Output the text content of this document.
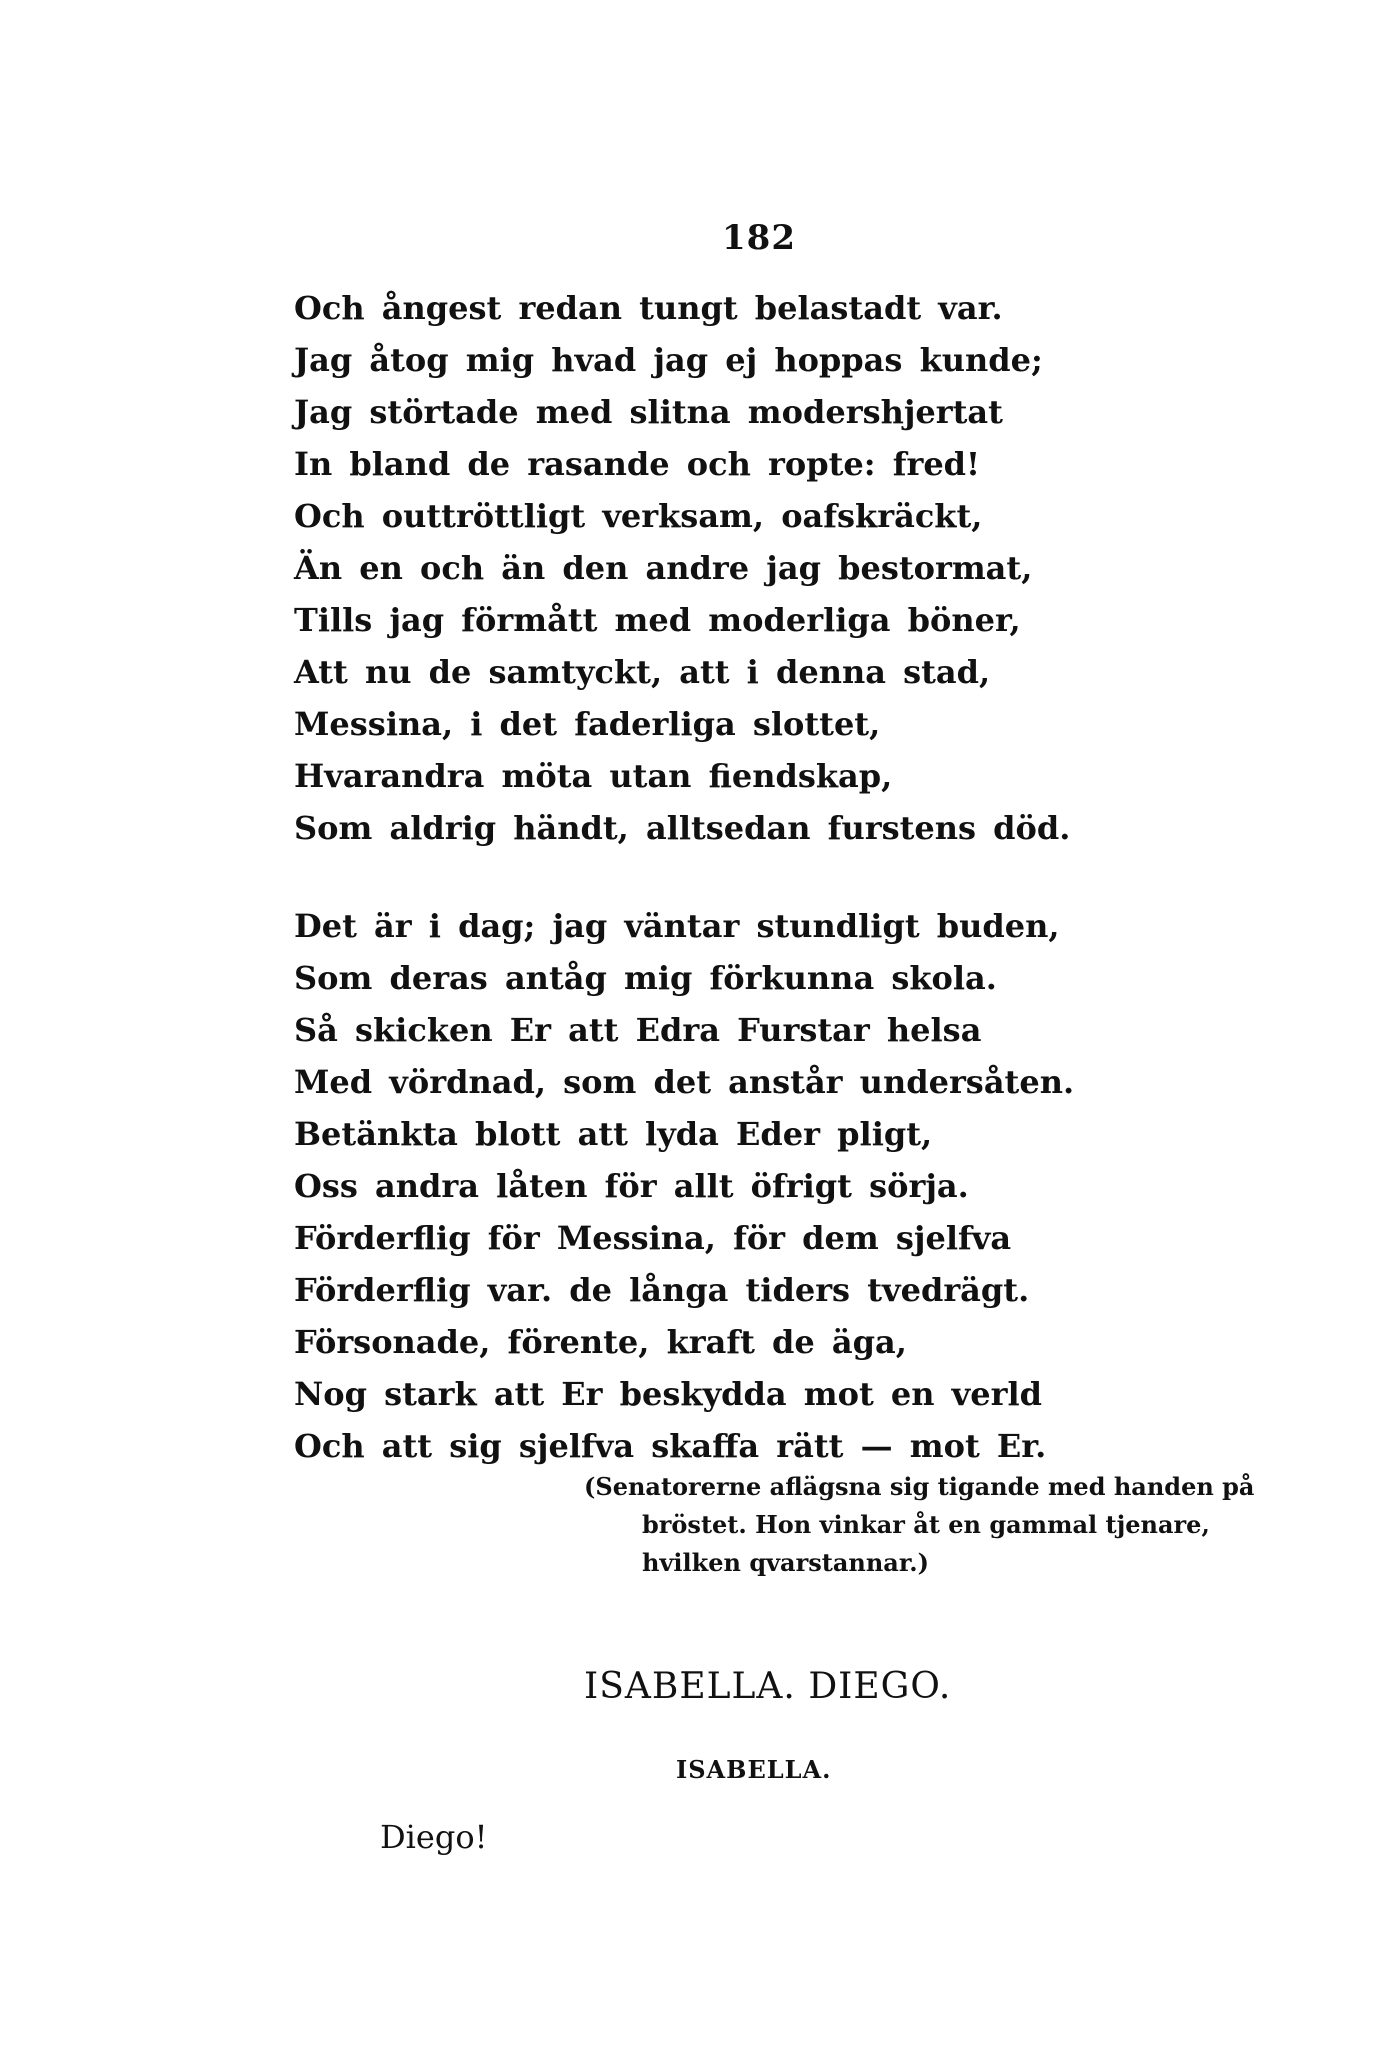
182
Och ångest redan tungt belastadt var.
Jag åtog mig hvad jag ej hoppas kunde;
Jag störtade med slitna modershjertat
In bland de rasande och ropte: fred!
Och outtröttligt verksam, oafskräckt,
Än en och än den andre jag bestormat,
Tills jag förmått med moderliga böner,
Att nu de samtyckt, att i denna stad,
Messina, i det faderliga slottet,
Hvarandra möta utan fiendskap,
Som aldrig händt, alltsedan furstens död.
Det är i dag; jag väntar stundligt buden,
Som deras antåg mig förkunna skola.
Så skicken Er att Edra Furstar helsa
Med vördnad, som det anstår undersåten.
Betänkta blott att lyda Eder pligt,
Oss andra låten för allt öfrigt sörja.
Förderflig för Messina, för dem sjelfva
Förderflig var. de långa tiders tvedrägt.
Försonade, förente, kraft de äga,
Nog stark att Er beskydda mot en verld
Och att sig sjelfva skaffa rätt — mot Er.
(Senatorerne aflägsna sig tigande med handen på
bröstet. Hon vinkar åt en gammal tjenare,
hvilken qvarstannar.)
ISABELLA. DIEGO.
ISABELLA.
Diego!
